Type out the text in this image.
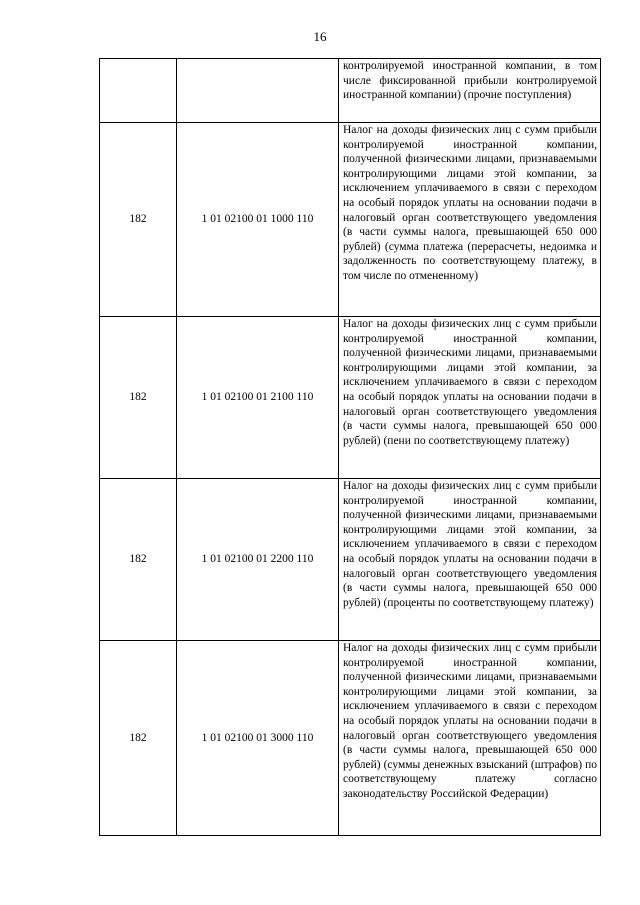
16

		контролируемой иностранной компании, в том числе фиксированной прибыли контролируемой иностранной компании) (прочие поступления)

182	1 01 02100 01 1000 110	Налог на доходы физических лиц с сумм прибыли контролируемой иностранной компании, полученной физическими лицами, признаваемыми контролирующими лицами этой компании, за исключением уплачиваемого в связи с переходом на особый порядок уплаты на основании подачи в налоговый орган соответствующего уведомления (в части суммы налога, превышающей 650 000 рублей) (сумма платежа (перерасчеты, недоимка и задолженность по соответствующему платежу, в том числе по отмененному)

182	1 01 02100 01 2100 110	Налог на доходы физических лиц с сумм прибыли контролируемой иностранной компании, полученной физическими лицами, признаваемыми контролирующими лицами этой компании, за исключением уплачиваемого в связи с переходом на особый порядок уплаты на основании подачи в налоговый орган соответствующего уведомления (в части суммы налога, превышающей 650 000 рублей) (пени по соответствующему платежу)

182	1 01 02100 01 2200 110	Налог на доходы физических лиц с сумм прибыли контролируемой иностранной компании, полученной физическими лицами, признаваемыми контролирующими лицами этой компании, за исключением уплачиваемого в связи с переходом на особый порядок уплаты на основании подачи в налоговый орган соответствующего уведомления (в части суммы налога, превышающей 650 000 рублей) (проценты по соответствующему платежу)

182	1 01 02100 01 3000 110	Налог на доходы физических лиц с сумм прибыли контролируемой иностранной компании, полученной физическими лицами, признаваемыми контролирующими лицами этой компании, за исключением уплачиваемого в связи с переходом на особый порядок уплаты на основании подачи в налоговый орган соответствующего уведомления (в части суммы налога, превышающей 650 000 рублей) (суммы денежных взысканий (штрафов) по соответствующему платежу согласно законодательству Российской Федерации)
